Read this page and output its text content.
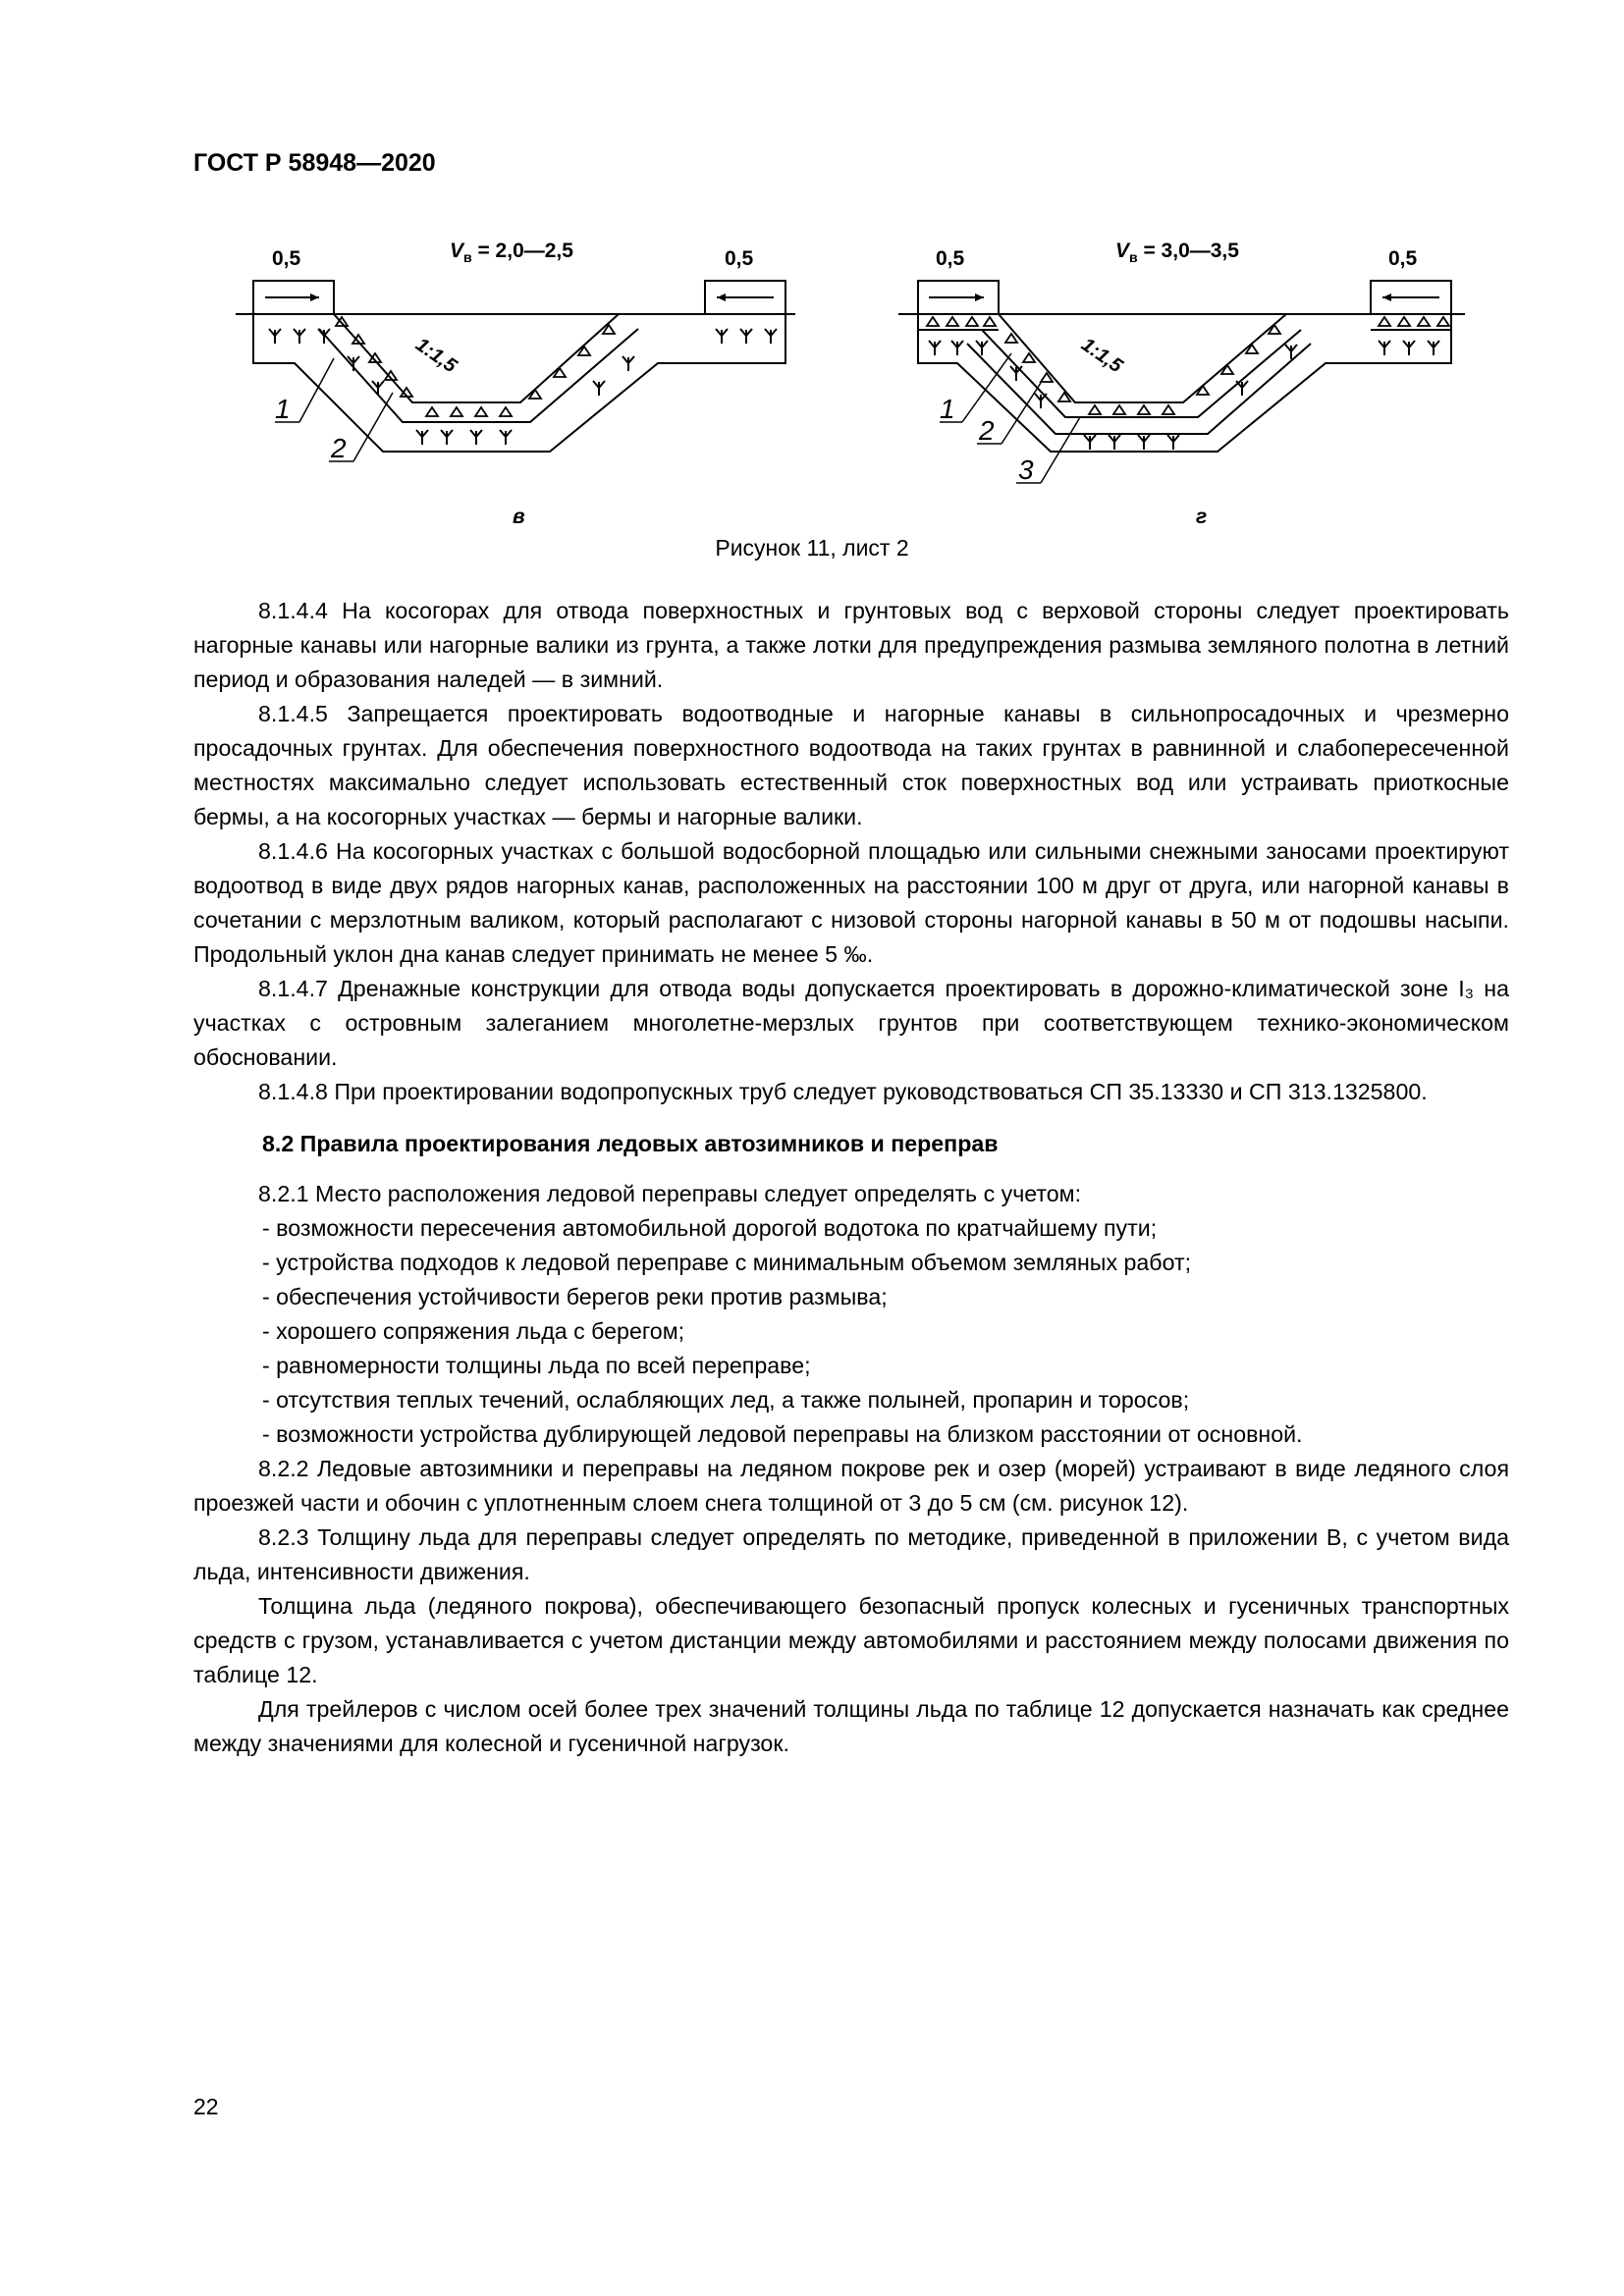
ГОСТ Р 58948—2020
0,5	0,5
$V_в$ = 2,0—2,5
1:1,5
1
2
в
0,5	0,5
$V_в$ = 3,0—3,5
1:1,5
1
2
3
г
Рисунок 11, лист 2

8.1.4.4 На косогорах для отвода поверхностных и грунтовых вод с верховой стороны следует проектировать нагорные канавы или нагорные валики из грунта, а также лотки для предупреждения размыва земляного полотна в летний период и образования наледей — в зимний.

8.1.4.5 Запрещается проектировать водоотводные и нагорные канавы в сильнопросадочных и чрезмерно просадочных грунтах. Для обеспечения поверхностного водоотвода на таких грунтах в равнинной и слабопересеченной местностях максимально следует использовать естественный сток поверхностных вод или устраивать приоткосные бермы, а на косогорных участках — бермы и нагорные валики.

8.1.4.6 На косогорных участках с большой водосборной площадью или сильными снежными заносами проектируют водоотвод в виде двух рядов нагорных канав, расположенных на расстоянии 100 м друг от друга, или нагорной канавы в сочетании с мерзлотным валиком, который располагают с низовой стороны нагорной канавы в 50 м от подошвы насыпи. Продольный уклон дна канав следует принимать не менее 5 ‰.

8.1.4.7 Дренажные конструкции для отвода воды допускается проектировать в дорожно-климатической зоне I₃ на участках с островным залеганием многолетне-мерзлых грунтов при соответствующем технико-экономическом обосновании.

8.1.4.8 При проектировании водопропускных труб следует руководствоваться СП 35.13330 и СП 313.1325800.

8.2 Правила проектирования ледовых автозимников и переправ

8.2.1 Место расположения ледовой переправы следует определять с учетом:

- возможности пересечения автомобильной дорогой водотока по кратчайшему пути;

- устройства подходов к ледовой переправе с минимальным объемом земляных работ;

- обеспечения устойчивости берегов реки против размыва;

- хорошего сопряжения льда с берегом;

- равномерности толщины льда по всей переправе;

- отсутствия теплых течений, ослабляющих лед, а также полыней, пропарин и торосов;

- возможности устройства дублирующей ледовой переправы на близком расстоянии от основной.

8.2.2 Ледовые автозимники и переправы на ледяном покрове рек и озер (морей) устраивают в виде ледяного слоя проезжей части и обочин с уплотненным слоем снега толщиной от 3 до 5 см (см. рисунок 12).

8.2.3 Толщину льда для переправы следует определять по методике, приведенной в приложении В, с учетом вида льда, интенсивности движения.

Толщина льда (ледяного покрова), обеспечивающего безопасный пропуск колесных и гусеничных транспортных средств с грузом, устанавливается с учетом дистанции между автомобилями и расстоянием между полосами движения по таблице 12.

Для трейлеров с числом осей более трех значений толщины льда по таблице 12 допускается назначать как среднее между значениями для колесной и гусеничной нагрузок.

22
